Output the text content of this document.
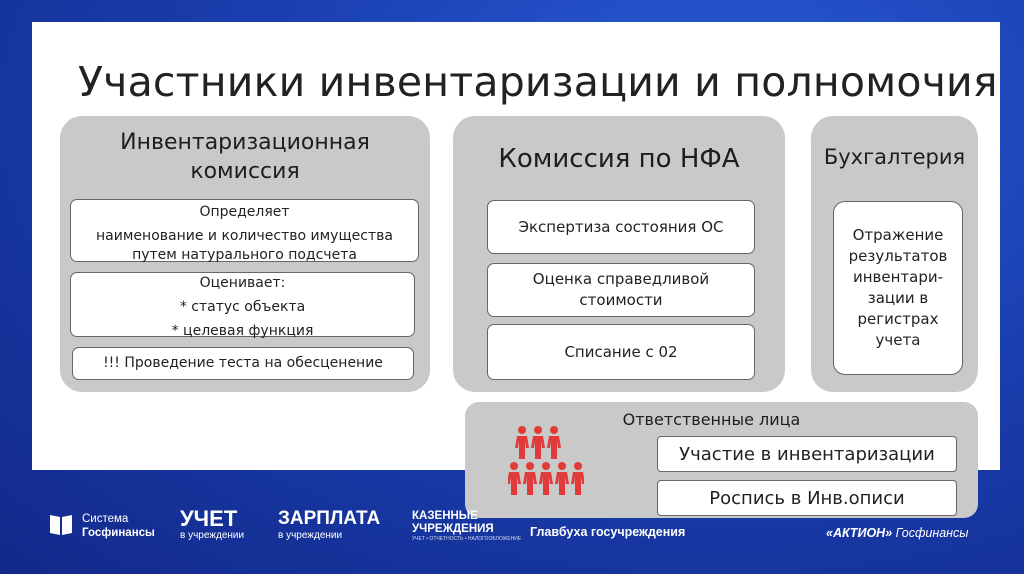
Участники инвентаризации и полномочия
Инвентаризационная
комиссия
Определяет
наименование и количество имущества
путем натурального подсчета
Оценивает:
* статус объекта
* целевая функция
!!! Проведение теста на обесценение
Комиссия по НФА
Экспертиза состояния ОС
Оценка справедливой
стоимости
Списание с 02
Бухгалтерия
Отражение
результатов
инвентари-
зации в
регистрах
учета
Ответственные лица
Участие в инвентаризации
Роспись в Инв.описи
Система
Госфинансы
УЧЕТ
в учреждении
ЗАРПЛАТА
в учреждении
КАЗЕННЫЕ
УЧРЕЖДЕНИЯ
УЧЕТ • ОТЧЕТНОСТЬ • НАЛОГООБЛОЖЕНИЕ Главбуха госучреждения	«АКТИОН» Госфинансы
